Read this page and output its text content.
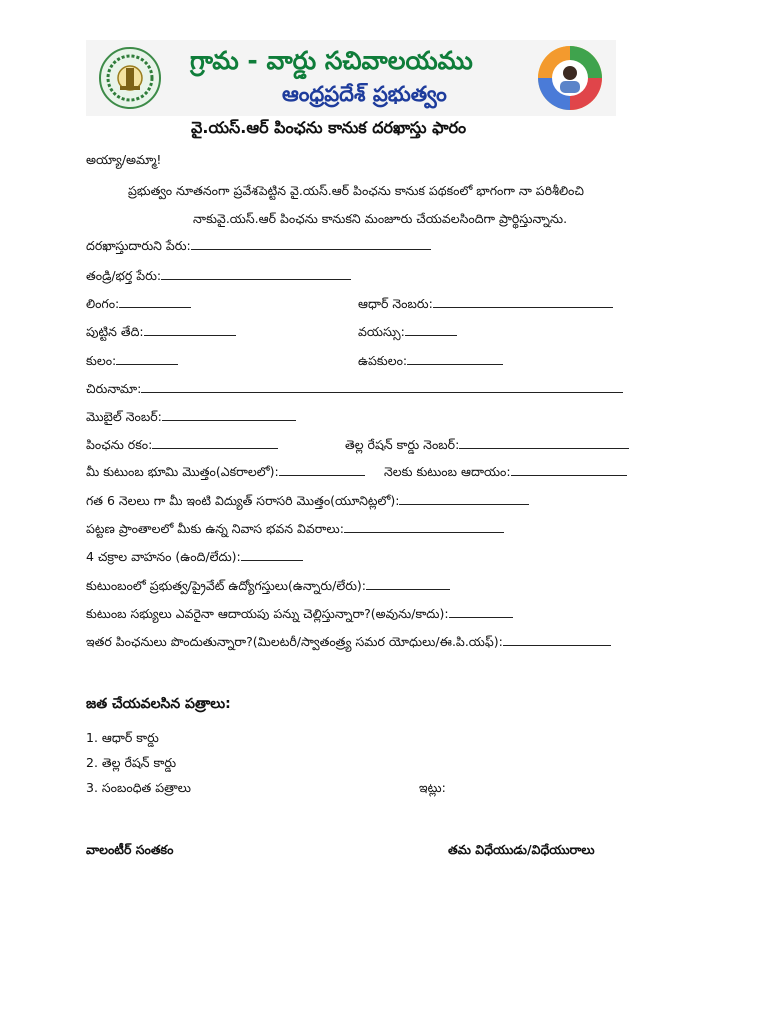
గ్రామ - వార్డు సచివాలయము
ఆంధ్రప్రదేశ్ ప్రభుత్వం
వై.యస్.ఆర్ పింఛను కానుక దరఖాస్తు ఫారం
అయ్యా/అమ్మా!
ప్రభుత్వం నూతనంగా ప్రవేశపెట్టిన వై.యస్.ఆర్ పింఛను కానుక పథకంలో భాగంగా నా పరిశీలించి
నాకువై.యస్.ఆర్ పింఛను కానుకని మంజూరు చేయవలసిందిగా ప్రార్థిస్తున్నాను.
దరఖాస్తుదారుని పేరు:
తండ్రి/భర్త పేరు:
లింగం:	ఆధార్ నెంబరు:
పుట్టిన తేది:	వయస్సు:
కులం:	ఉపకులం:
చిరునామా:
మొబైల్ నెంబర్:
పింఛను రకం:	తెల్ల రేషన్ కార్డు నెంబర్:
మీ కుటుంబ భూమి మొత్తం(ఎకరాలలో):	నెలకు కుటుంబ ఆదాయం:
గత 6 నెలలు గా మీ ఇంటి విద్యుత్ సరాసరి మొత్తం(యూనిట్లలో):
పట్టణ ప్రాంతాలలో మీకు ఉన్న నివాస భవన వివరాలు:
4 చక్రాల వాహనం (ఉంది/లేదు):
కుటుంబంలో ప్రభుత్వ/ప్రైవేట్ ఉద్యోగస్తులు(ఉన్నారు/లేరు):
కుటుంబ సభ్యులు ఎవరైనా ఆదాయపు పన్ను చెల్లిస్తున్నారా?(అవును/కాదు):
ఇతర పింఛనులు పొందుతున్నారా?(మిలటరీ/స్వాతంత్ర్య సమర యోధులు/ఈ.పి.యఫ్):
జత చేయవలసిన పత్రాలు:
1. ఆధార్ కార్డు
2. తెల్ల రేషన్ కార్డు
3. సంబంధిత పత్రాలు	ఇట్లు:
వాలంటీర్ సంతకం	తమ విధేయుడు/విధేయురాలు
